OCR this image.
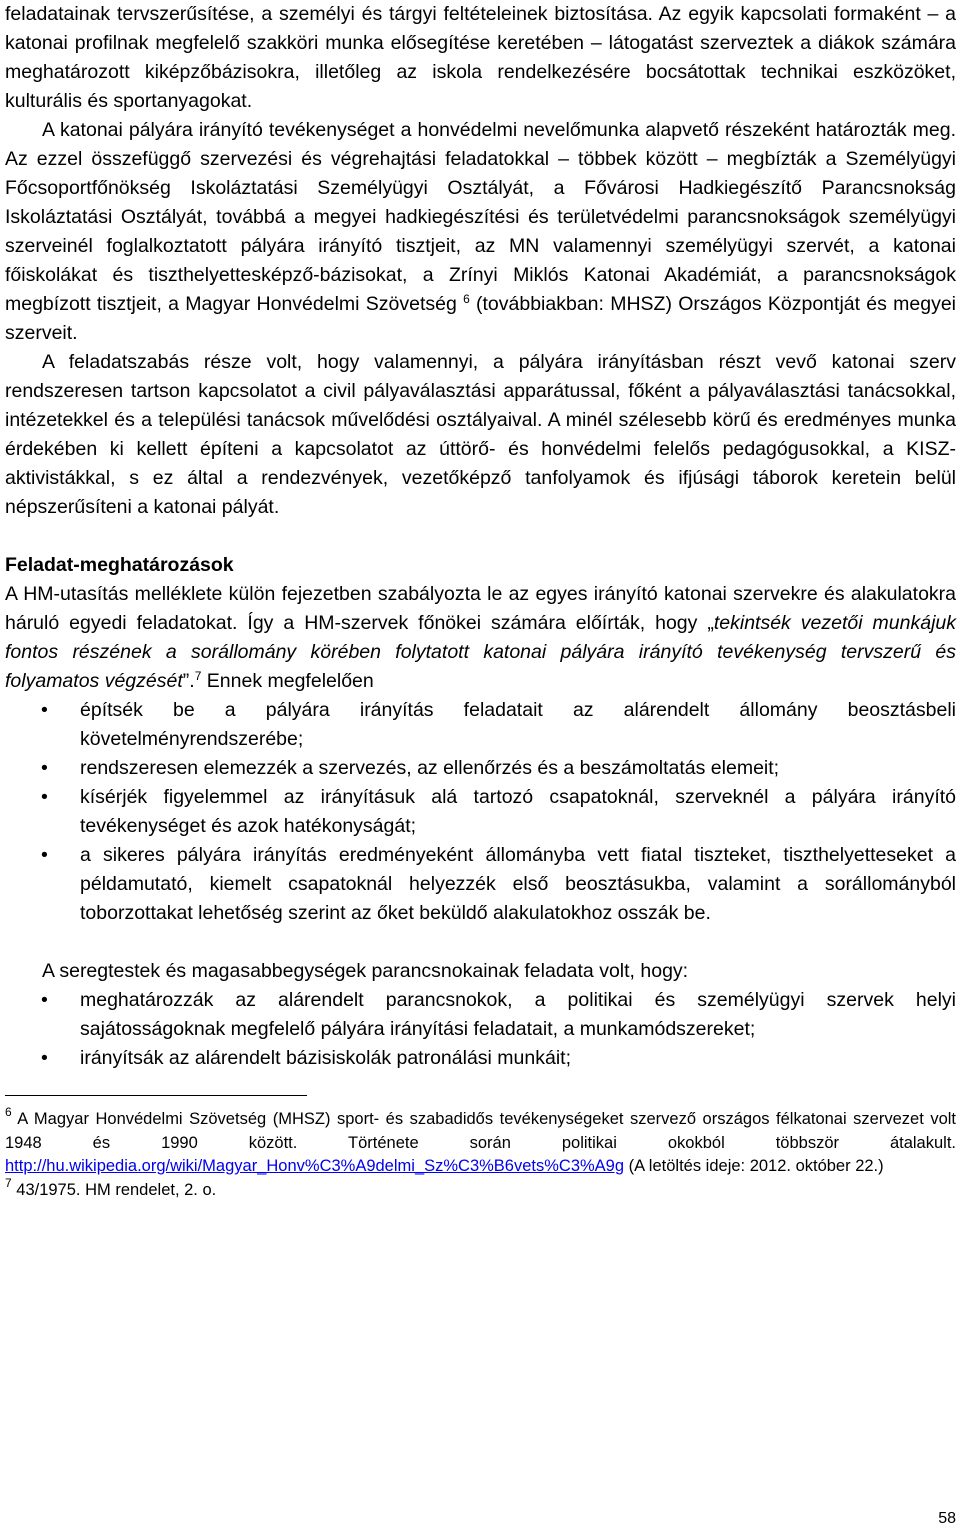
feladatainak tervszerűsítése, a személyi és tárgyi feltételeinek biztosítása. Az egyik kapcsolati formaként – a katonai profilnak megfelelő szakköri munka elősegítése keretében – látogatást szerveztek a diákok számára meghatározott kiképzőbázisokra, illetőleg az iskola rendelkezésére bocsátottak technikai eszközöket, kulturális és sportanyagokat.

A katonai pályára irányító tevékenységet a honvédelmi nevelőmunka alapvető részeként határozták meg. Az ezzel összefüggő szervezési és végrehajtási feladatokkal – többek között – megbízták a Személyügyi Főcsoportfőnökség Iskoláztatási Személyügyi Osztályát, a Fővárosi Hadkiegészítő Parancsnokság Iskoláztatási Osztályát, továbbá a megyei hadkiegészítési és területvédelmi parancsnokságok személyügyi szerveinél foglalkoztatott pályára irányító tisztjeit, az MN valamennyi személyügyi szervét, a katonai főiskolákat és tiszthelyettesképző-bázisokat, a Zrínyi Miklós Katonai Akadémiát, a parancsnokságok megbízott tisztjeit, a Magyar Honvédelmi Szövetség $^6$ (továbbiakban: MHSZ) Országos Központját és megyei szerveit.

A feladatszabás része volt, hogy valamennyi, a pályára irányításban részt vevő katonai szerv rendszeresen tartson kapcsolatot a civil pályaválasztási apparátussal, főként a pályaválasztási tanácsokkal, intézetekkel és a települési tanácsok művelődési osztályaival. A minél szélesebb körű és eredményes munka érdekében ki kellett építeni a kapcsolatot az úttörő- és honvédelmi felelős pedagógusokkal, a KISZ-aktivistákkal, s ez által a rendezvények, vezetőképző tanfolyamok és ifjúsági táborok keretein belül népszerűsíteni a katonai pályát.

Feladat-meghatározások

A HM-utasítás melléklete külön fejezetben szabályozta le az egyes irányító katonai szervekre és alakulatokra háruló egyedi feladatokat. Így a HM-szervek főnökei számára előírták, hogy „tekintsék vezetői munkájuk fontos részének a sorállomány körében folytatott katonai pályára irányító tevékenység tervszerű és folyamatos végzését”.$^7$ Ennek megfelelően

• építsék be a pályára irányítás feladatait az alárendelt állomány beosztásbeli követelményrendszerébe;
• rendszeresen elemezzék a szervezés, az ellenőrzés és a beszámoltatás elemeit;
• kísérjék figyelemmel az irányításuk alá tartozó csapatoknál, szerveknél a pályára irányító tevékenységet és azok hatékonyságát;
• a sikeres pályára irányítás eredményeként állományba vett fiatal tiszteket, tiszthelyetteseket a példamutató, kiemelt csapatoknál helyezzék első beosztásukba, valamint a sorállományból toborzottakat lehetőség szerint az őket beküldő alakulatokhoz osszák be.

A seregtestek és magasabbegységek parancsnokainak feladata volt, hogy:

• meghatározzák az alárendelt parancsnokok, a politikai és személyügyi szervek helyi sajátosságoknak megfelelő pályára irányítási feladatait, a munkamódszereket;
• irányítsák az alárendelt bázisiskolák patronálási munkáit;

$^6$ A Magyar Honvédelmi Szövetség (MHSZ) sport- és szabadidős tevékenységeket szervező országos félkatonai szervezet volt 1948 és 1990 között. Története során politikai okokból többször átalakult. http://hu.wikipedia.org/wiki/Magyar_Honv%C3%A9delmi_Sz%C3%B6vets%C3%A9g (A letöltés ideje: 2012. október 22.)

$^7$ 43/1975. HM rendelet, 2. o.

58
